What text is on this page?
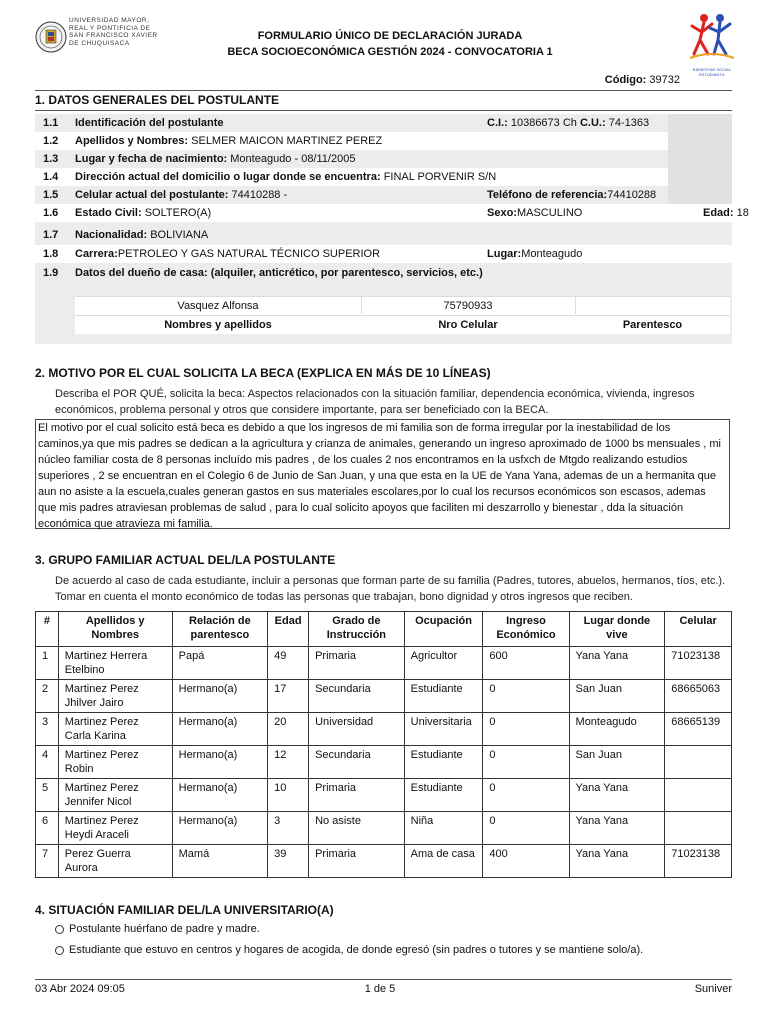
UNIVERSIDAD MAYOR, REAL Y PONTIFICIA DE SAN FRANCISCO XAVIER DE CHUQUISACA
FORMULARIO ÚNICO DE DECLARACIÓN JURADA
BECA SOCIOECONÓMICA GESTIÓN 2024 - CONVOCATORIA 1
BIENESTAR SOCIAL ESTUDIANTIL
Código: 39732
1. DATOS GENERALES DEL POSTULANTE
1.1 Identificación del postulante	C.I.: 10386673 Ch C.U.: 74-1363
1.2 Apellidos y Nombres: SELMER MAICON MARTINEZ PEREZ
1.3 Lugar y fecha de nacimiento: Monteagudo - 08/11/2005
1.4 Dirección actual del domicilio o lugar donde se encuentra: FINAL PORVENIR S/N
1.5 Celular actual del postulante: 74410288 -	Teléfono de referencia:74410288
1.6 Estado Civil: SOLTERO(A)	Sexo:MASCULINO	Edad: 18
1.7 Nacionalidad: BOLIVIANA
1.8 Carrera:PETROLEO Y GAS NATURAL TÉCNICO SUPERIOR	Lugar:Monteagudo
1.9 Datos del dueño de casa: (alquiler, anticrético, por parentesco, servicios, etc.)
Vasquez Alfonsa	75790933
Nombres y apellidos	Nro Celular	Parentesco
2. MOTIVO POR EL CUAL SOLICITA LA BECA (EXPLICA EN MÁS DE 10 LÍNEAS)
Describa el POR QUÉ, solicita la beca: Aspectos relacionados con la situación familiar, dependencia económica, vivienda, ingresos económicos, problema personal y otros que considere importante, para ser beneficiado con la BECA.
El motivo por el cual solicito está beca es debido a que los ingresos de mi familia son de forma irregular por la inestabilidad de los caminos,ya que mis padres se dedican a la agricultura y crianza de animales, generando un ingreso aproximado de 1000 bs mensuales , mi núcleo familiar costa de 8 personas incluído mis padres , de los cuales 2 nos encontramos en la usfxch de Mtgdo realizando estudios superiores , 2 se encuentran en el Colegio 6 de Junio de San Juan, y una que esta en la UE de Yana Yana, ademas de un a hermanita que aun no asiste a la escuela,cuales generan gastos en sus materiales escolares,por lo cual los recursos económicos son escasos, ademas que mis padres atraviesan problemas de salud , para lo cual solicito apoyos que faciliten mi deszarrollo y bienestar , dda la situación económica que atravieza mi familia.
3. GRUPO FAMILIAR ACTUAL DEL/LA POSTULANTE
De acuerdo al caso de cada estudiante, incluir a personas que forman parte de su familia (Padres, tutores, abuelos, hermanos, tíos, etc.). Tomar en cuenta el monto económico de todas las personas que trabajan, bono dignidad y otros ingresos que reciben.
#	Apellidos y Nombres	Relación de parentesco	Edad	Grado de Instrucción	Ocupación	Ingreso Económico	Lugar donde vive	Celular
1	Martinez Herrera Etelbino	Papá	49	Primaria	Agricultor	600	Yana Yana	71023138
2	Martinez Perez Jhilver Jairo	Hermano(a)	17	Secundaria	Estudiante	0	San Juan	68665063
3	Martinez Perez Carla Karina	Hermano(a)	20	Universidad	Universitaria	0	Monteagudo	68665139
4	Martinez Perez Robin	Hermano(a)	12	Secundaria	Estudiante	0	San Juan	
5	Martinez Perez Jennifer Nicol	Hermano(a)	10	Primaria	Estudiante	0	Yana Yana	
6	Martinez Perez Heydi Araceli	Hermano(a)	3	No asiste	Niña	0	Yana Yana	
7	Perez Guerra Aurora	Mamá	39	Primaria	Ama de casa	400	Yana Yana	71023138
4. SITUACIÓN FAMILIAR DEL/LA UNIVERSITARIO(A)
Postulante huérfano de padre y madre.
Estudiante que estuvo en centros y hogares de acogida, de donde egresó (sin padres o tutores y se mantiene solo/a).
03 Abr 2024 09:05	1 de 5	Suniver
